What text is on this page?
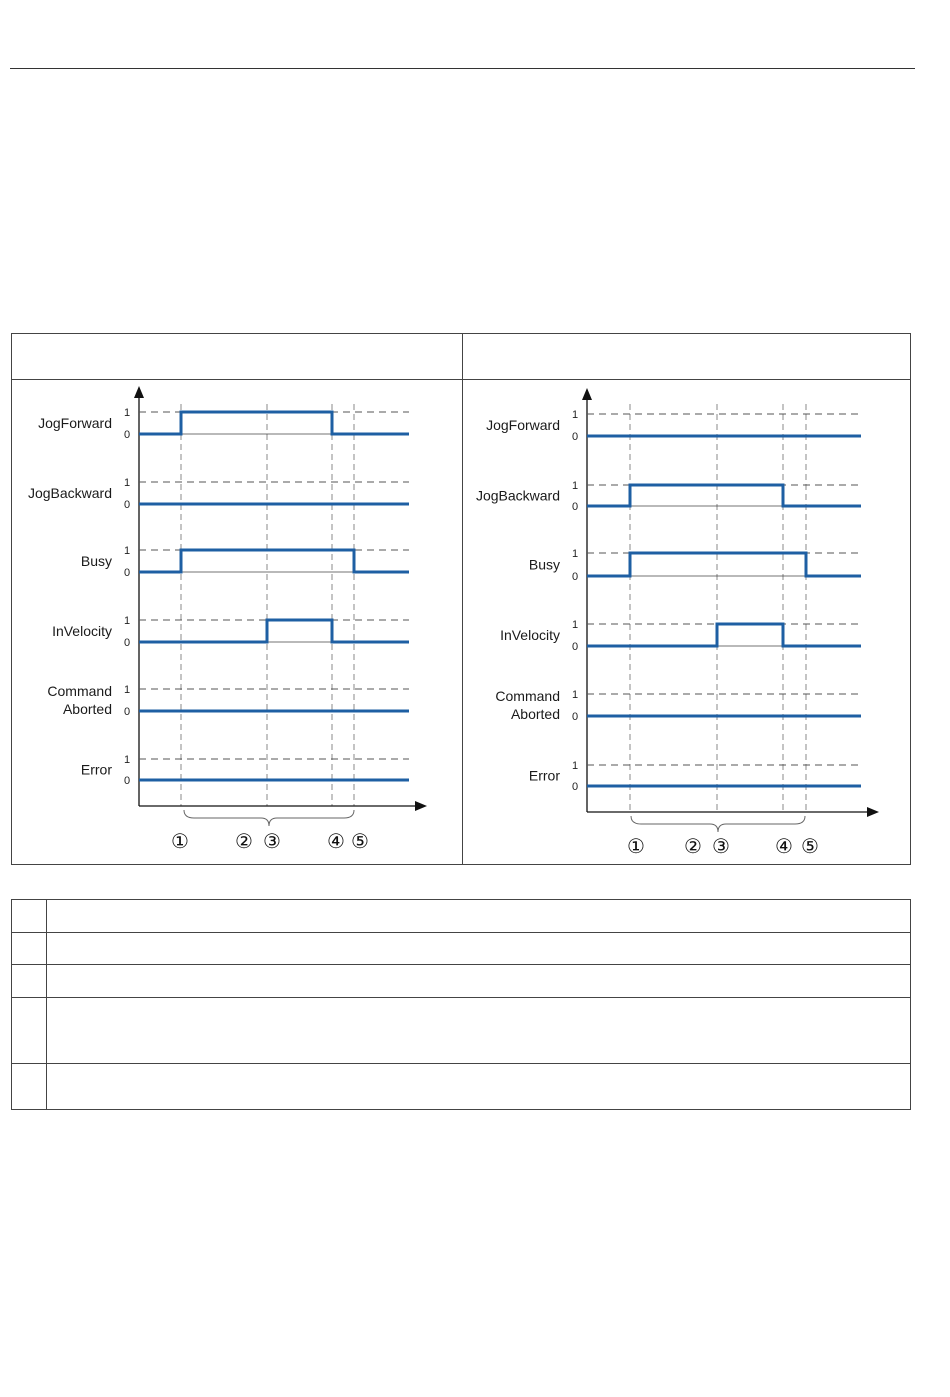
1
0
JogForward
1
0
JogBackward
1
0
Busy
1
0
InVelocity
1
0
Command
Aborted
1
0
Error
① ② ③ ④ ⑤
1
0
JogForward
1
0
JogBackward
1
0
Busy
1
0
InVelocity
1
0
Command
Aborted
1
0
Error
① ② ③ ④ ⑤
